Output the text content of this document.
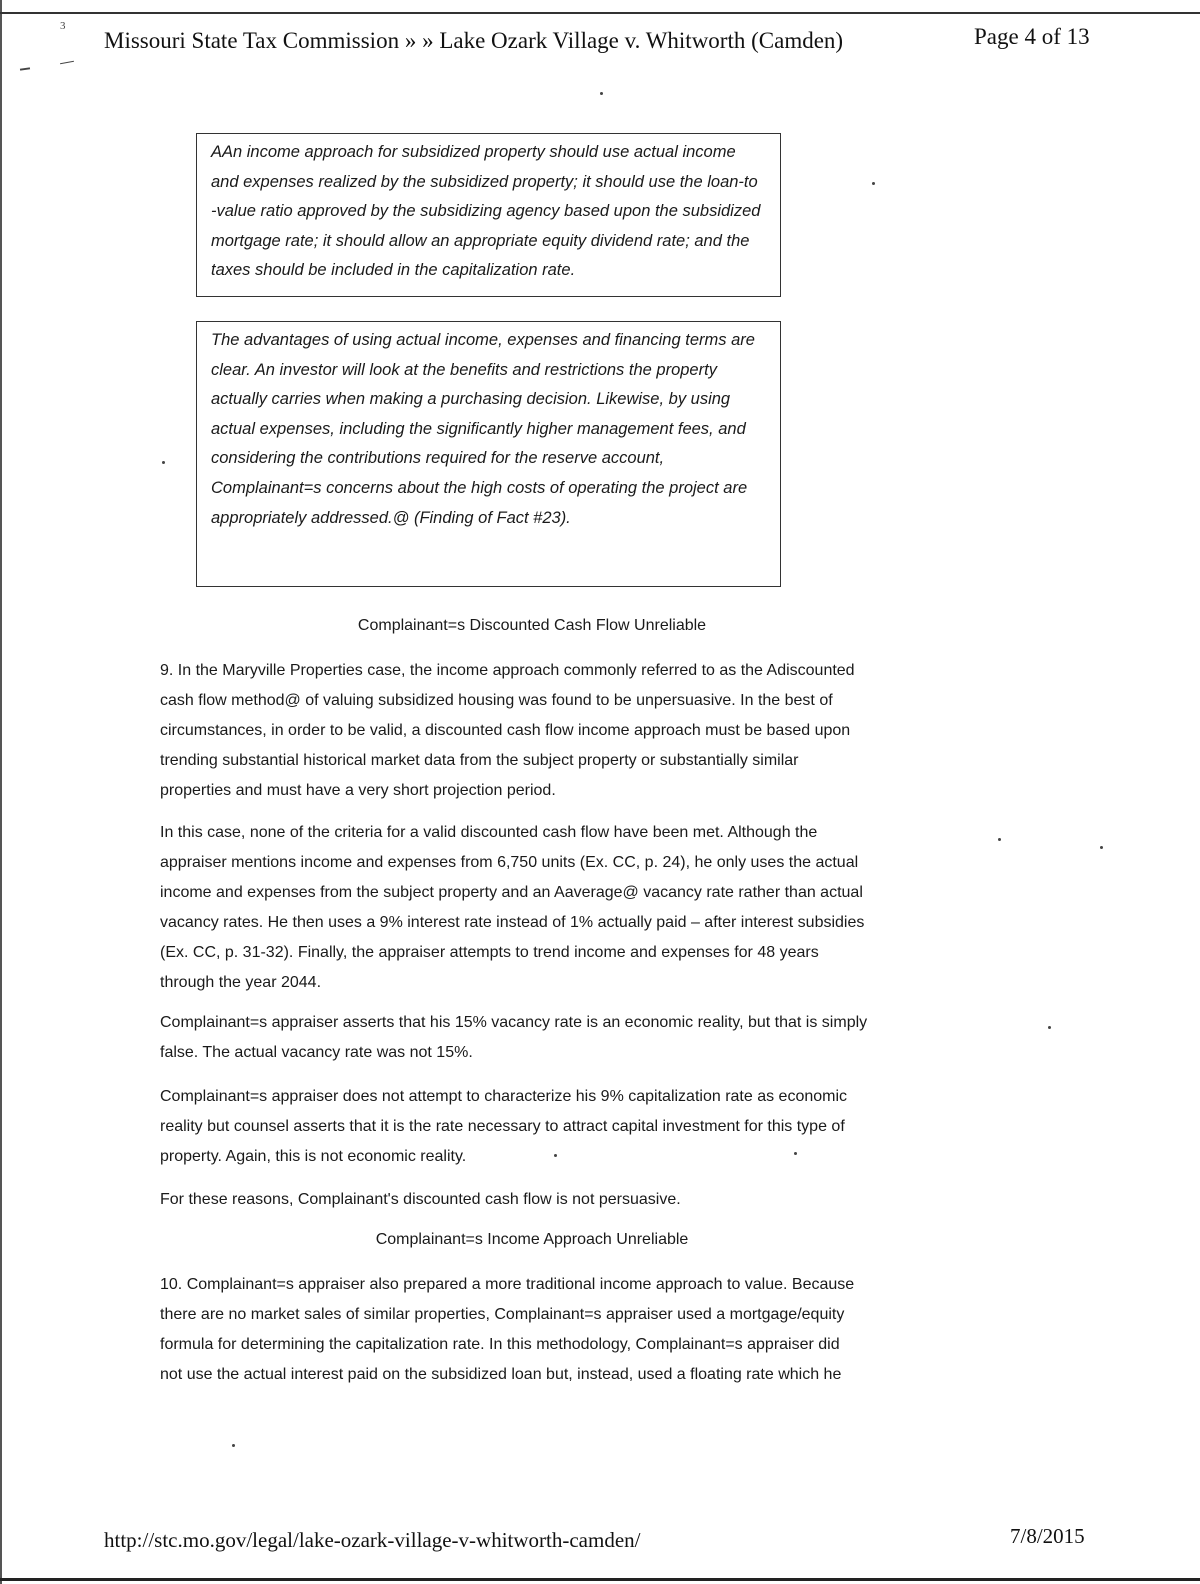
3
Missouri State Tax Commission » » Lake Ozark Village v. Whitworth (Camden)	Page 4 of 13

AAn income approach for subsidized property should use actual income

and expenses realized by the subsidized property; it should use the loan-to

-value ratio approved by the subsidizing agency based upon the subsidized

mortgage rate; it should allow an appropriate equity dividend rate; and the

taxes should be included in the capitalization rate.

The advantages of using actual income, expenses and financing terms are

clear. An investor will look at the benefits and restrictions the property

actually carries when making a purchasing decision. Likewise, by using

actual expenses, including the significantly higher management fees, and

considering the contributions required for the reserve account,

Complainant=s concerns about the high costs of operating the project are

appropriately addressed.@ (Finding of Fact #23).

Complainant=s Discounted Cash Flow Unreliable
9. In the Maryville Properties case, the income approach commonly referred to as the Adiscounted
cash flow method@ of valuing subsidized housing was found to be unpersuasive. In the best of
circumstances, in order to be valid, a discounted cash flow income approach must be based upon
trending substantial historical market data from the subject property or substantially similar
properties and must have a very short projection period.
In this case, none of the criteria for a valid discounted cash flow have been met. Although the
appraiser mentions income and expenses from 6,750 units (Ex. CC, p. 24), he only uses the actual
income and expenses from the subject property and an Aaverage@ vacancy rate rather than actual
vacancy rates. He then uses a 9% interest rate instead of 1% actually paid – after interest subsidies
(Ex. CC, p. 31-32). Finally, the appraiser attempts to trend income and expenses for 48 years
through the year 2044.
Complainant=s appraiser asserts that his 15% vacancy rate is an economic reality, but that is simply
false. The actual vacancy rate was not 15%.
Complainant=s appraiser does not attempt to characterize his 9% capitalization rate as economic
reality but counsel asserts that it is the rate necessary to attract capital investment for this type of
property. Again, this is not economic reality.
For these reasons, Complainant's discounted cash flow is not persuasive.
Complainant=s Income Approach Unreliable
10. Complainant=s appraiser also prepared a more traditional income approach to value. Because
there are no market sales of similar properties, Complainant=s appraiser used a mortgage/equity
formula for determining the capitalization rate. In this methodology, Complainant=s appraiser did
not use the actual interest paid on the subsidized loan but, instead, used a floating rate which he
http://stc.mo.gov/legal/lake-ozark-village-v-whitworth-camden/	7/8/2015
